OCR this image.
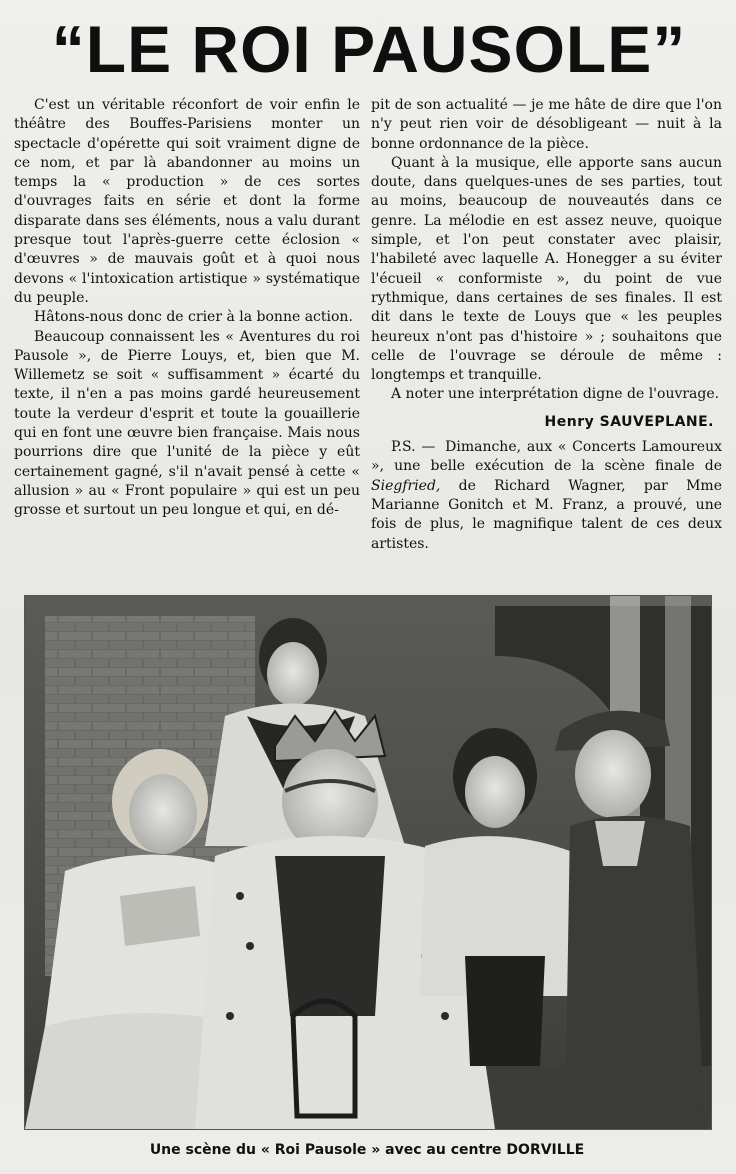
“LE ROI PAUSOLE”

C'est un véritable réconfort de voir enfin le théâtre des Bouffes-Parisiens monter un spectacle d'opérette qui soit vraiment digne de ce nom, et par là abandonner au moins un temps la « production » de ces sortes d'ouvrages faits en série et dont la forme disparate dans ses éléments, nous a valu durant presque tout l'après-guerre cette éclosion « d'œuvres » de mauvais goût et à quoi nous devons « l'intoxication artistique » systématique du peuple.

Hâtons-nous donc de crier à la bonne action.

Beaucoup connaissent les « Aventures du roi Pausole », de Pierre Louys, et, bien que M. Willemetz se soit « suffisamment » écarté du texte, il n'en a pas moins gardé heureusement toute la verdeur d'esprit et toute la gouaillerie qui en font une œuvre bien française. Mais nous pourrions dire que l'unité de la pièce y eût certainement gagné, s'il n'avait pensé à cette « allusion » au « Front populaire » qui est un peu grosse et surtout un peu longue et qui, en dé-

pit de son actualité — je me hâte de dire que l'on n'y peut rien voir de désobligeant — nuit à la bonne ordonnance de la pièce.

Quant à la musique, elle apporte sans aucun doute, dans quelques-unes de ses parties, tout au moins, beaucoup de nouveautés dans ce genre. La mélodie en est assez neuve, quoique simple, et l'on peut constater avec plaisir, l'habileté avec laquelle A. Honegger a su éviter l'écueil « conformiste », du point de vue rythmique, dans certaines de ses finales. Il est dit dans le texte de Louys que « les peuples heureux n'ont pas d'histoire » ; souhaitons que celle de l'ouvrage se déroule de même : longtemps et tranquille.

A noter une interprétation digne de l'ouvrage.

Henry SAUVEPLANE.

P.S. — Dimanche, aux « Concerts Lamoureux », une belle exécution de la scène finale de Siegfried, de Richard Wagner, par Mme Marianne Gonitch et M. Franz, a prouvé, une fois de plus, le magnifique talent de ces deux artistes.

Une scène du « Roi Pausole » avec au centre DORVILLE
